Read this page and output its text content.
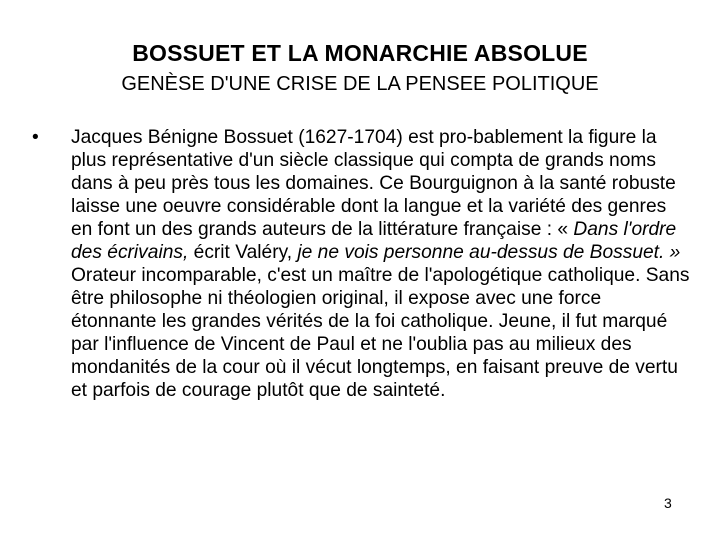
BOSSUET ET LA MONARCHIE ABSOLUE
GENÈSE D'UNE CRISE DE LA PENSEE POLITIQUE
•	Jacques Bénigne Bossuet (1627-1704) est pro-bablement la figure la plus représentative d'un siècle classique qui compta de grands noms dans à peu près tous les domaines. Ce Bourguignon à la santé robuste laisse une oeuvre considérable dont la langue et la variété des genres en font un des grands auteurs de la littérature française : « Dans l'ordre des écrivains, écrit Valéry, je ne vois personne au-dessus de Bossuet. » Orateur incomparable, c'est un maître de l'apologétique catholique. Sans être philosophe ni théologien original, il expose avec une force étonnante les grandes vérités de la foi catholique. Jeune, il fut marqué par l'influence de Vincent de Paul et ne l'oublia pas au milieux des mondanités de la cour où il vécut longtemps, en faisant preuve de vertu et parfois de courage plutôt que de sainteté.
3
